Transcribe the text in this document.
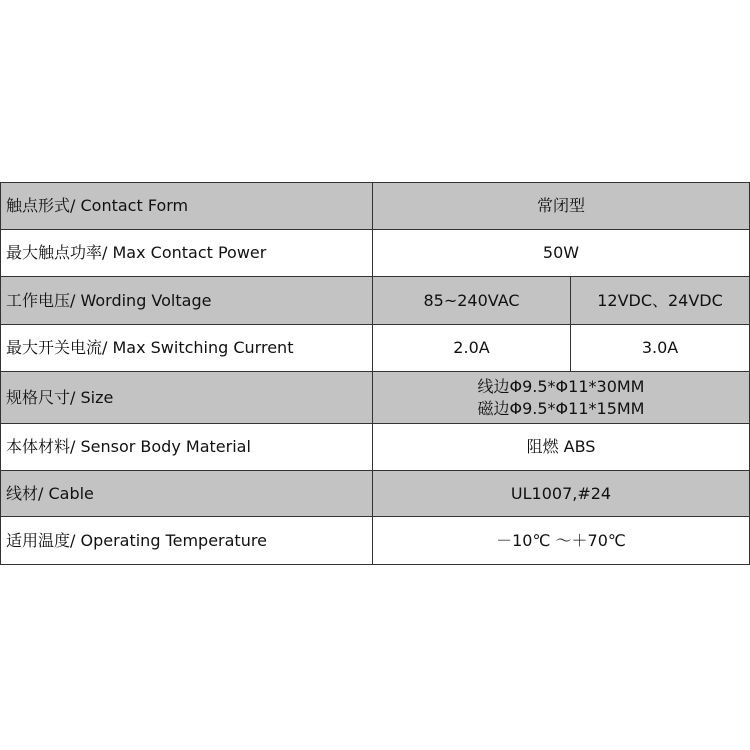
触点形式/ Contact Form	常闭型	
最大触点功率/ Max Contact Power	50W	
工作电压/ Wording Voltage	85~240VAC	12VDC、24VDC
最大开关电流/ Max Switching Current	2.0A	3.0A
规格尺寸/ Size	线边Φ9.5*Φ11*30MM
磁边Φ9.5*Φ11*15MM	

本体材料/ Sensor Body Material	阻燃 ABS	
线材/ Cable	UL1007,#24	
适用温度/ Operating Temperature	－10℃ ～＋70℃	
